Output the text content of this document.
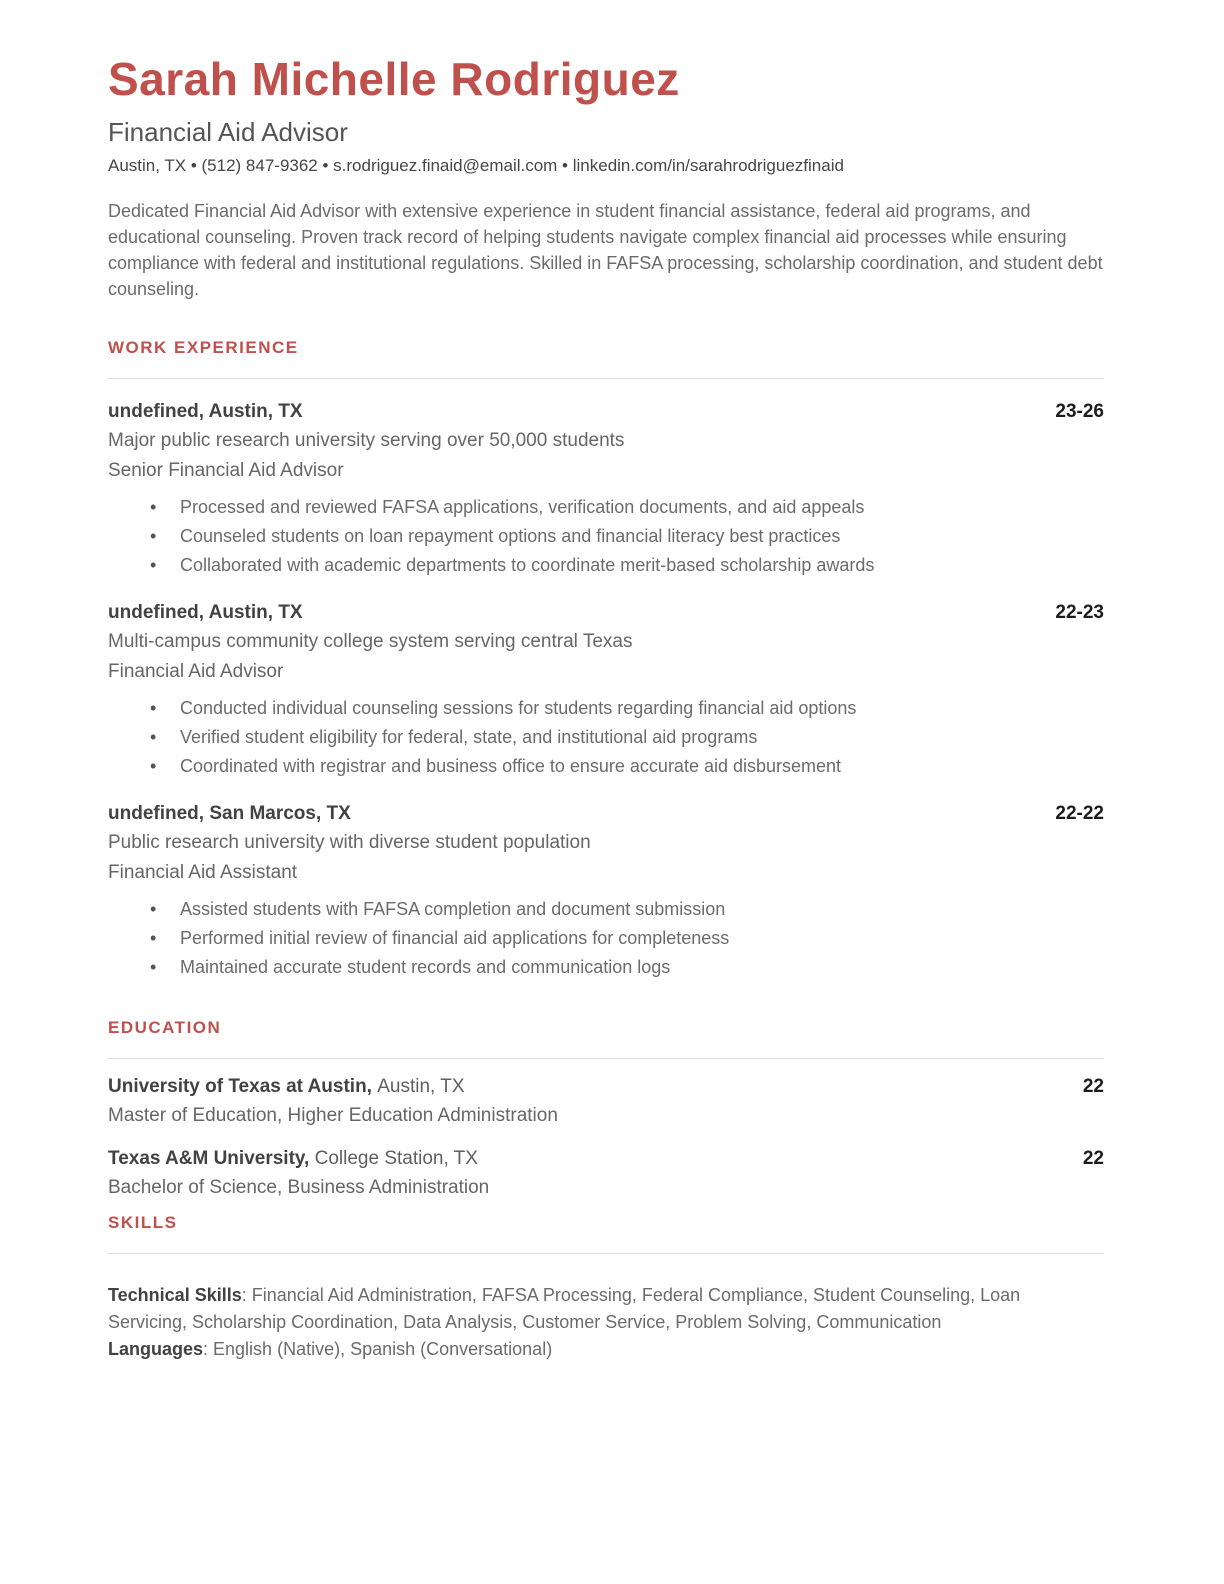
Sarah Michelle Rodriguez
Financial Aid Advisor
Austin, TX • (512) 847-9362 • s.rodriguez.finaid@email.com • linkedin.com/in/sarahrodriguezfinaid

Dedicated Financial Aid Advisor with extensive experience in student financial assistance, federal aid programs, and educational counseling. Proven track record of helping students navigate complex financial aid processes while ensuring compliance with federal and institutional regulations. Skilled in FAFSA processing, scholarship coordination, and student debt counseling.

WORK EXPERIENCE
undefined, Austin, TX	23-26
Major public research university serving over 50,000 students
Senior Financial Aid Advisor
• Processed and reviewed FAFSA applications, verification documents, and aid appeals
• Counseled students on loan repayment options and financial literacy best practices
• Collaborated with academic departments to coordinate merit-based scholarship awards
undefined, Austin, TX	22-23
Multi-campus community college system serving central Texas
Financial Aid Advisor
• Conducted individual counseling sessions for students regarding financial aid options
• Verified student eligibility for federal, state, and institutional aid programs
• Coordinated with registrar and business office to ensure accurate aid disbursement
undefined, San Marcos, TX	22-22
Public research university with diverse student population
Financial Aid Assistant
• Assisted students with FAFSA completion and document submission
• Performed initial review of financial aid applications for completeness
• Maintained accurate student records and communication logs
EDUCATION
University of Texas at Austin, Austin, TX	22
Master of Education, Higher Education Administration
Texas A&M University, College Station, TX	22
Bachelor of Science, Business Administration
SKILLS

Technical Skills: Financial Aid Administration, FAFSA Processing, Federal Compliance, Student Counseling, Loan Servicing, Scholarship Coordination, Data Analysis, Customer Service, Problem Solving, Communication

Languages: English (Native), Spanish (Conversational)
